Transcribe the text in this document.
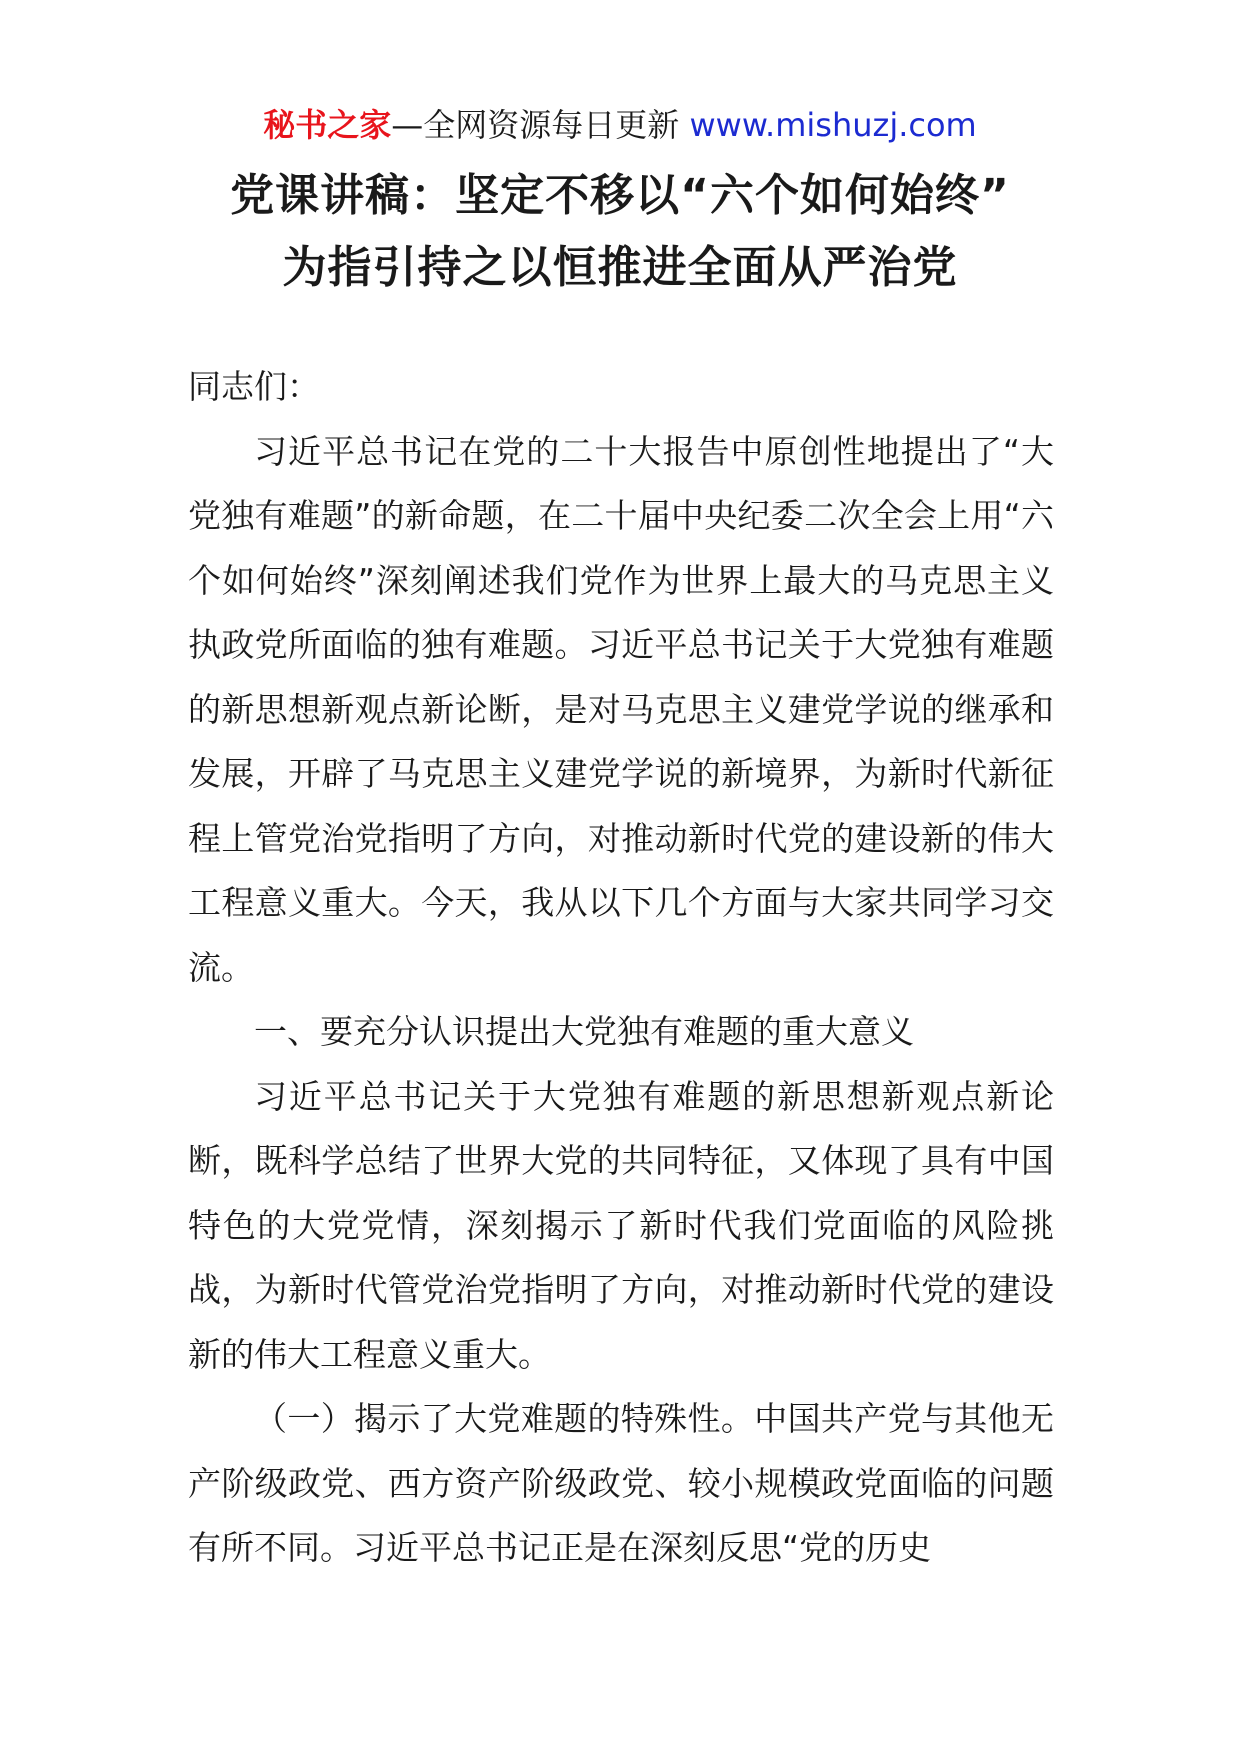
秘书之家—全网资源每日更新 www.mishuzj.com
党课讲稿：坚定不移以“六个如何始终”
为指引持之以恒推进全面从严治党

同志们：

习近平总书记在党的二十大报告中原创性地提出了“大党独有难题”的新命题，在二十届中央纪委二次全会上用“六个如何始终”深刻阐述我们党作为世界上最大的马克思主义执政党所面临的独有难题。习近平总书记关于大党独有难题的新思想新观点新论断，是对马克思主义建党学说的继承和发展，开辟了马克思主义建党学说的新境界，为新时代新征程上管党治党指明了方向，对推动新时代党的建设新的伟大工程意义重大。今天，我从以下几个方面与大家共同学习交流。

一、要充分认识提出大党独有难题的重大意义

习近平总书记关于大党独有难题的新思想新观点新论断，既科学总结了世界大党的共同特征，又体现了具有中国特色的大党党情，深刻揭示了新时代我们党面临的风险挑战，为新时代管党治党指明了方向，对推动新时代党的建设新的伟大工程意义重大。

（一）揭示了大党难题的特殊性。中国共产党与其他无产阶级政党、西方资产阶级政党、较小规模政党面临的问题有所不同。习近平总书记正是在深刻反思“党的历史
